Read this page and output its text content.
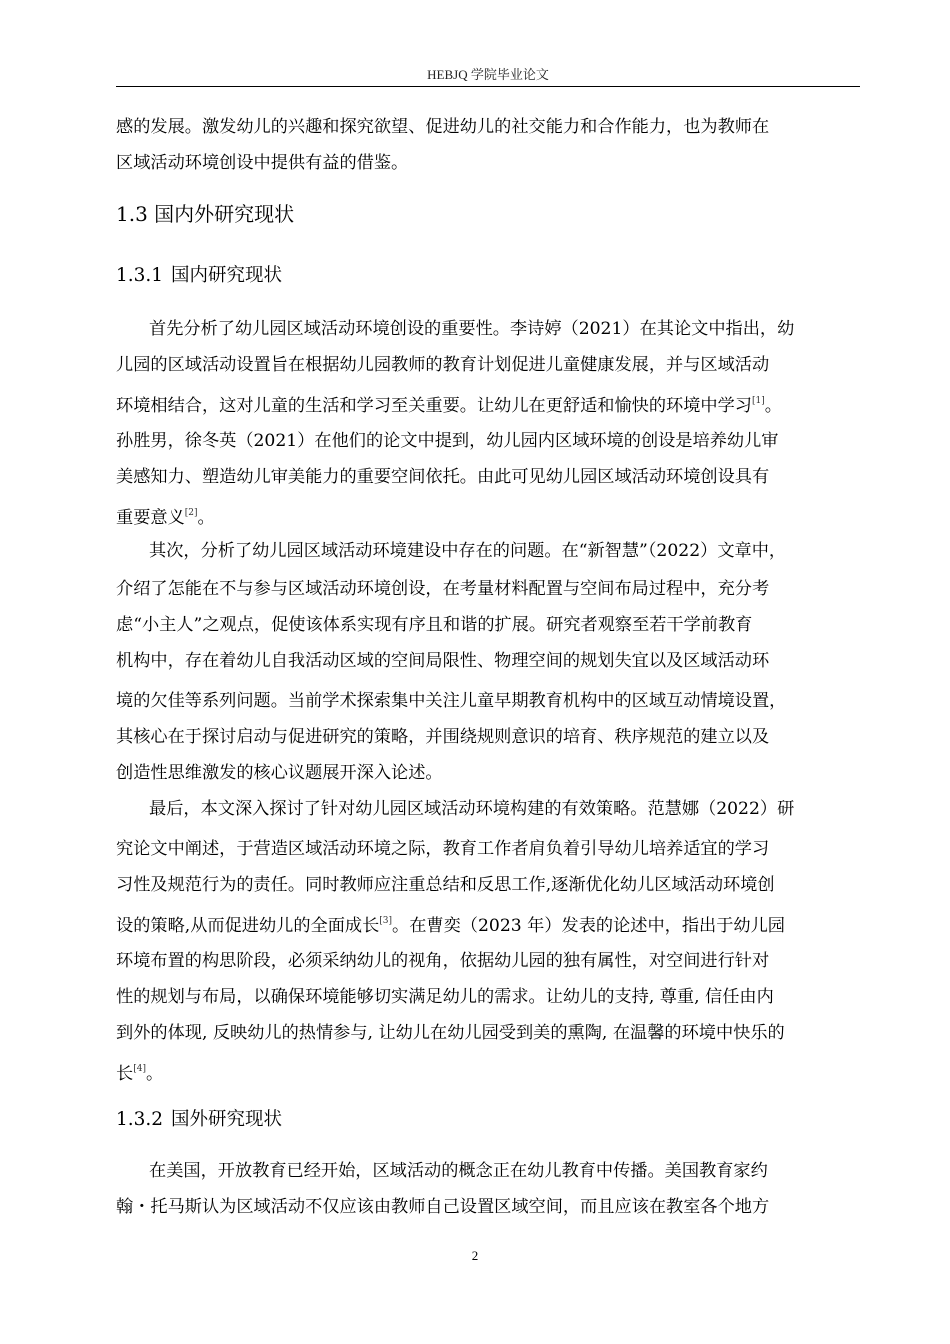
HEBJQ 学院毕业论文
感的发展。激发幼儿的兴趣和探究欲望、促进幼儿的社交能力和合作能力，也为教师在
区域活动环境创设中提供有益的借鉴。
1.3 国内外研究现状
1.3.1 国内研究现状
首先分析了幼儿园区域活动环境创设的重要性。李诗婷（2021）在其论文中指出，幼
儿园的区域活动设置旨在根据幼儿园教师的教育计划促进儿童健康发展，并与区域活动
环境相结合，这对儿童的生活和学习至关重要。让幼儿在更舒适和愉快的环境中学习[1]。
孙胜男，徐冬英（2021）在他们的论文中提到，幼儿园内区域环境的创设是培养幼儿审
美感知力、塑造幼儿审美能力的重要空间依托。由此可见幼儿园区域活动环境创设具有
重要意义[2]。
其次，分析了幼儿园区域活动环境建设中存在的问题。在“新智慧”（2022）文章中，
介绍了怎能在不与参与区域活动环境创设，在考量材料配置与空间布局过程中，充分考
虑“小主人”之观点，促使该体系实现有序且和谐的扩展。研究者观察至若干学前教育
机构中，存在着幼儿自我活动区域的空间局限性、物理空间的规划失宜以及区域活动环
境的欠佳等系列问题。当前学术探索集中关注儿童早期教育机构中的区域互动情境设置，
其核心在于探讨启动与促进研究的策略，并围绕规则意识的培育、秩序规范的建立以及
创造性思维激发的核心议题展开深入论述。
最后，本文深入探讨了针对幼儿园区域活动环境构建的有效策略。范慧娜（2022）研
究论文中阐述，于营造区域活动环境之际，教育工作者肩负着引导幼儿培养适宜的学习
习性及规范行为的责任。同时教师应注重总结和反思工作,逐渐优化幼儿区域活动环境创
设的策略,从而促进幼儿的全面成长[3]。在曹奕（2023 年）发表的论述中，指出于幼儿园
环境布置的构思阶段，必须采纳幼儿的视角，依据幼儿园的独有属性，对空间进行针对
性的规划与布局，以确保环境能够切实满足幼儿的需求。让幼儿的支持, 尊重, 信任由内
到外的体现, 反映幼儿的热情参与, 让幼儿在幼儿园受到美的熏陶, 在温馨的环境中快乐的
长[4]。
1.3.2 国外研究现状
在美国，开放教育已经开始，区域活动的概念正在幼儿教育中传播。美国教育家约
翰・托马斯认为区域活动不仅应该由教师自己设置区域空间，而且应该在教室各个地方
2
